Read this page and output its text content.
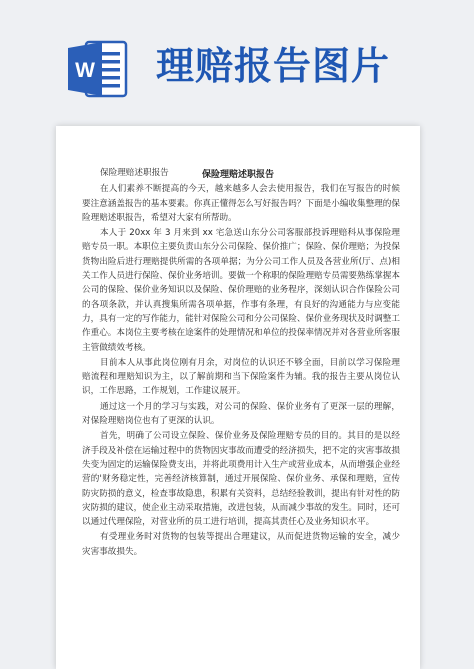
W 理赔报告图片
保险理赔述职报告

保险理赔述职报告

在人们素养不断提高的今天，越来越多人会去使用报告，我们在写报告的时候要注意涵盖报告的基本要素。你真正懂得怎么写好报告吗？下面是小编收集整理的保险理赔述职报告，希望对大家有所帮助。

本人于 20xx 年 3 月来到 xx 宅急送山东分公司客服部投诉理赔科从事保险理赔专员一职。本职位主要负责山东分公司保险、保价推广；保险、保价理赔；为投保货物出险后进行理赔提供所需的各项单据；为分公司工作人员及各营业所(厅、点)相关工作人员进行保险、保价业务培训。要做一个称职的保险理赔专员需要熟练掌握本公司的保险、保价业务知识以及保险、保价理赔的业务程序，深刻认识合作保险公司的各项条款，并认真搜集所需各项单据，作事有条理，有良好的沟通能力与应变能力，具有一定的写作能力，能针对保险公司和分公司保险、保价业务现状及时调整工作重心。本岗位主要考核在途案件的处理情况和单位的投保率情况并对各营业所客服主管做绩效考核。

目前本人从事此岗位刚有月余，对岗位的认识还不够全面，目前以学习保险理赔流程和理赔知识为主，以了解前期和当下保险案件为辅。我的报告主要从岗位认识，工作思路，工作规划，工作建议展开。

通过这一个月的学习与实践，对公司的保险、保价业务有了更深一层的理解，对保险理赔岗位也有了更深的认识。

首先，明确了公司设立保险、保价业务及保险理赔专员的目的。其目的是以经济手段及补偿在运输过程中的货物因灾事故而遭受的经济损失，把不定的灾害事故损失变为固定的运输保险费支出，并将此项费用计入生产或营业成本，从而增强企业经营的'财务稳定性，完善经济核算制，通过开展保险、保价业务、承保和理赔，宣传防灾防损的意义，检查事故隐患，积累有关资料，总结经验教训，提出有针对性的防灾防损的建议，使企业主动采取措施，改进包装，从而减少事故的发生。同时，还可以通过代理保险，对营业所的员工进行培训，提高其责任心及业务知识水平。

有受理业务时对货物的包装等提出合理建议，从而促进货物运输的安全，减少灾害事故损失。
